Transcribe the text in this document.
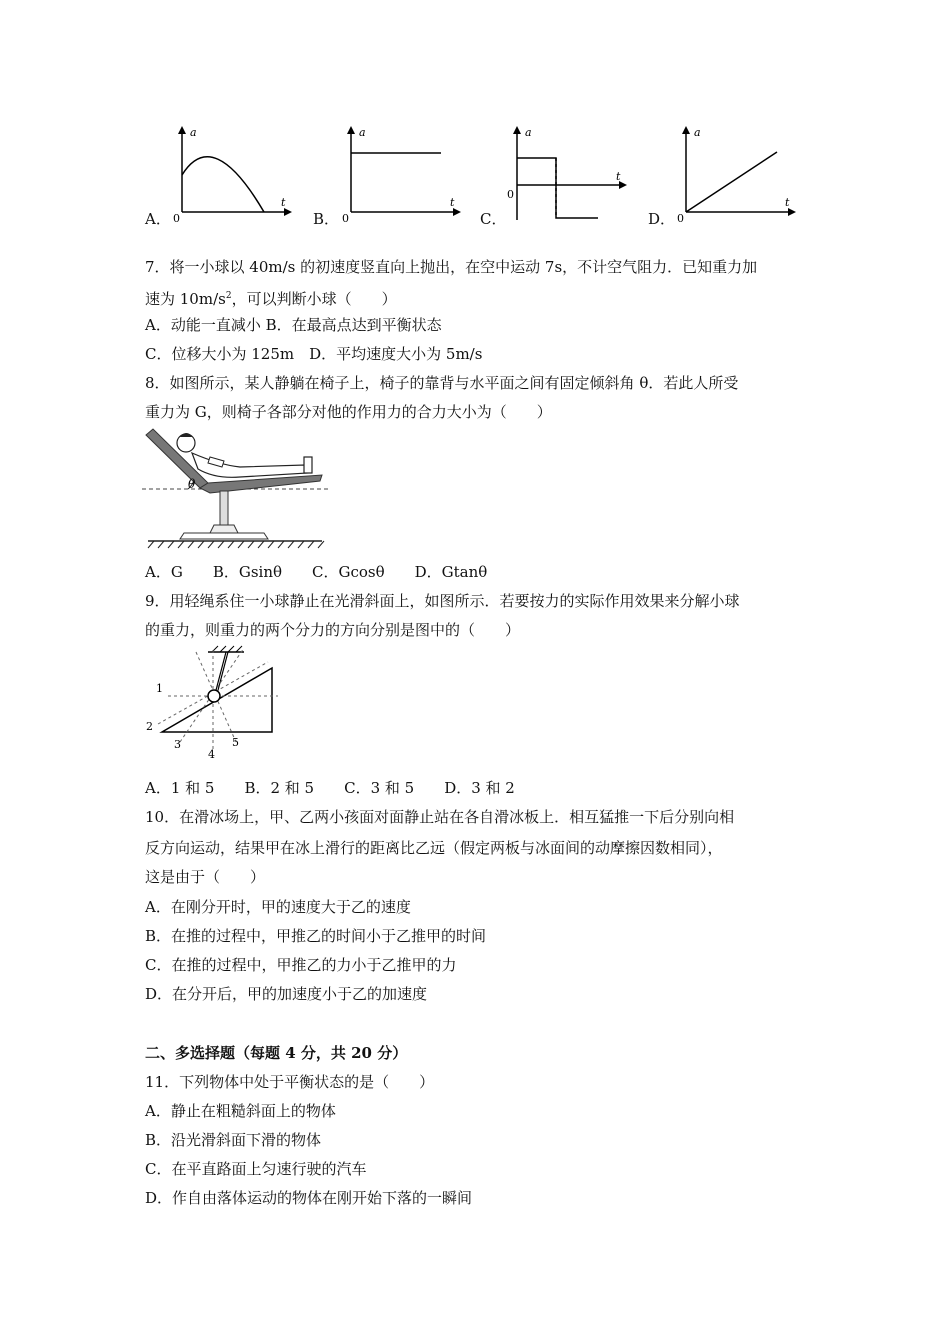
A．
a
t
0	B．
a
t
0	C．
a
t
0
D．
a
t
0
7．将一小球以 40m/s 的初速度竖直向上抛出，在空中运动 7s，不计空气阻力．已知重力加
速为 $10m/s^2$，可以判断小球（　　）
A．动能一直减小 B．在最高点达到平衡状态
C．位移大小为 125m　D．平均速度大小为 5m/s
8．如图所示，某人静躺在椅子上，椅子的靠背与水平面之间有固定倾斜角 θ．若此人所受
重力为 G，则椅子各部分对他的作用力的合力大小为（　　）
θ
A．G　　B．Gsinθ　　C．Gcosθ　　D．Gtanθ
9．用轻绳系住一小球静止在光滑斜面上，如图所示．若要按力的实际作用效果来分解小球
的重力，则重力的两个分力的方向分别是图中的（　　）
1
2
3
4
5
A．1 和 5　　B．2 和 5　　C．3 和 5　　D．3 和 2
10．在滑冰场上，甲、乙两小孩面对面静止站在各自滑冰板上．相互猛推一下后分别向相
反方向运动，结果甲在冰上滑行的距离比乙远（假定两板与冰面间的动摩擦因数相同），
这是由于（　　）
A．在刚分开时，甲的速度大于乙的速度
B．在推的过程中，甲推乙的时间小于乙推甲的时间
C．在推的过程中，甲推乙的力小于乙推甲的力
D．在分开后，甲的加速度小于乙的加速度
二、多选择题（每题 4 分，共 20 分）
11．下列物体中处于平衡状态的是（　　）
A．静止在粗糙斜面上的物体
B．沿光滑斜面下滑的物体
C．在平直路面上匀速行驶的汽车
D．作自由落体运动的物体在刚开始下落的一瞬间
